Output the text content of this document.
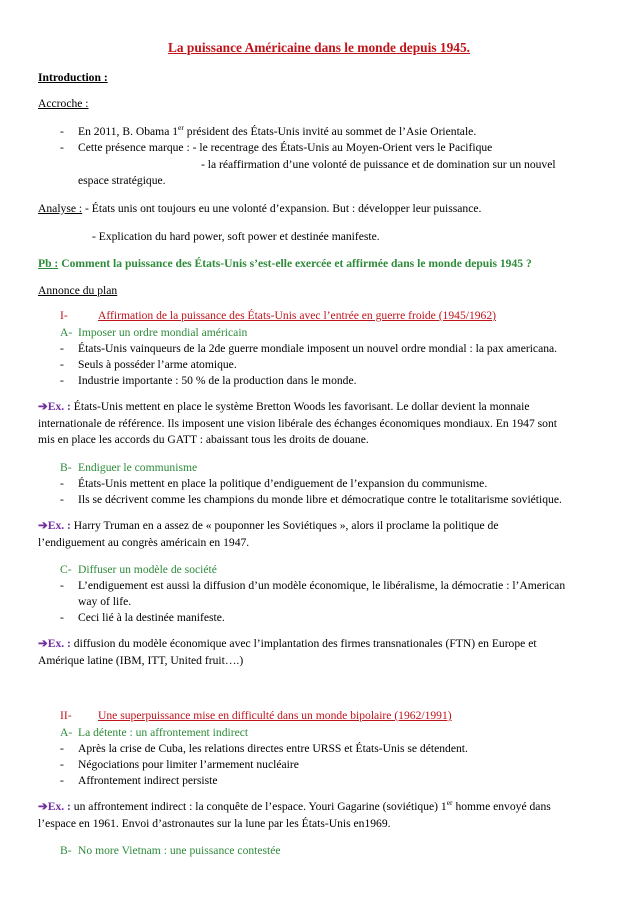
La puissance Américaine dans le monde depuis 1945.
Introduction :
Accroche :
- En 2011, B. Obama 1er président des États-Unis invité au sommet de l’Asie Orientale.
- Cette présence marque : - le recentrage des États-Unis au Moyen-Orient vers le Pacifique
- la réaffirmation d’une volonté de puissance et de domination sur un nouvel
espace stratégique.
Analyse : - États unis ont toujours eu une volonté d’expansion. But : développer leur puissance.
- Explication du hard power, soft power et destinée manifeste.
Pb : Comment la puissance des États-Unis s’est-elle exercée et affirmée dans le monde depuis 1945 ?
Annonce du plan
I-	Affirmation de la puissance des États-Unis avec l’entrée en guerre froide (1945/1962)
A- Imposer un ordre mondial américain
- États-Unis vainqueurs de la 2de guerre mondiale imposent un nouvel ordre mondial : la pax americana.
- Seuls à posséder l’arme atomique.
- Industrie importante : 50 % de la production dans le monde.
➔Ex. : États-Unis mettent en place le système Bretton Woods les favorisant. Le dollar devient la monnaie
internationale de référence. Ils imposent une vision libérale des échanges économiques mondiaux. En 1947 sont
mis en place les accords du GATT : abaissant tous les droits de douane.
B- Endiguer le communisme
- États-Unis mettent en place la politique d’endiguement de l’expansion du communisme.
- Ils se décrivent comme les champions du monde libre et démocratique contre le totalitarisme soviétique.
➔Ex. : Harry Truman en a assez de « pouponner les Soviétiques », alors il proclame la politique de
l’endiguement au congrès américain en 1947.
C- Diffuser un modèle de société
- L’endiguement est aussi la diffusion d’un modèle économique, le libéralisme, la démocratie : l’American
way of life.
- Ceci lié à la destinée manifeste.
➔Ex. : diffusion du modèle économique avec l’implantation des firmes transnationales (FTN) en Europe et
Amérique latine (IBM, ITT, United fruit….)
II- Une superpuissance mise en difficulté dans un monde bipolaire (1962/1991)
A- La détente : un affrontement indirect
- Après la crise de Cuba, les relations directes entre URSS et États-Unis se détendent.
- Négociations pour limiter l’armement nucléaire
- Affrontement indirect persiste
➔Ex. : un affrontement indirect : la conquête de l’espace. Youri Gagarine (soviétique) 1er homme envoyé dans
l’espace en 1961. Envoi d’astronautes sur la lune par les États-Unis en1969.
B- No more Vietnam : une puissance contestée
